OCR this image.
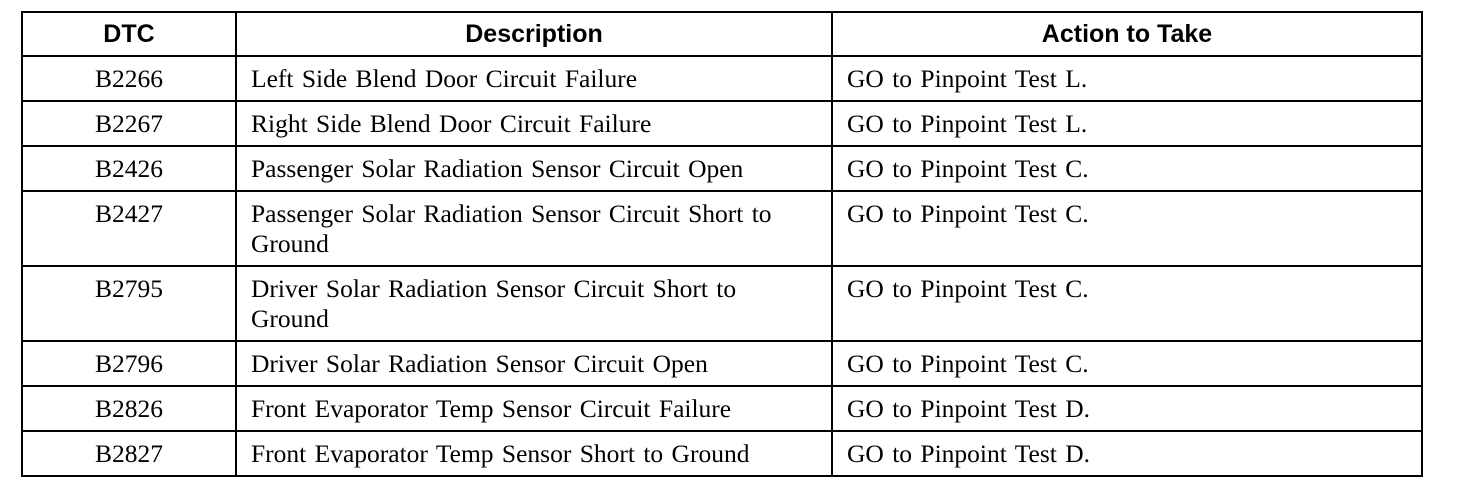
DTC	Description	Action to Take
B2266	Left Side Blend Door Circuit Failure	GO to Pinpoint Test L.
B2267	Right Side Blend Door Circuit Failure	GO to Pinpoint Test L.
B2426	Passenger Solar Radiation Sensor Circuit Open	GO to Pinpoint Test C.
B2427	Passenger Solar Radiation Sensor Circuit Short to Ground	GO to Pinpoint Test C.
B2795	Driver Solar Radiation Sensor Circuit Short to Ground	GO to Pinpoint Test C.
B2796	Driver Solar Radiation Sensor Circuit Open	GO to Pinpoint Test C.
B2826	Front Evaporator Temp Sensor Circuit Failure	GO to Pinpoint Test D.
B2827	Front Evaporator Temp Sensor Short to Ground	GO to Pinpoint Test D.
